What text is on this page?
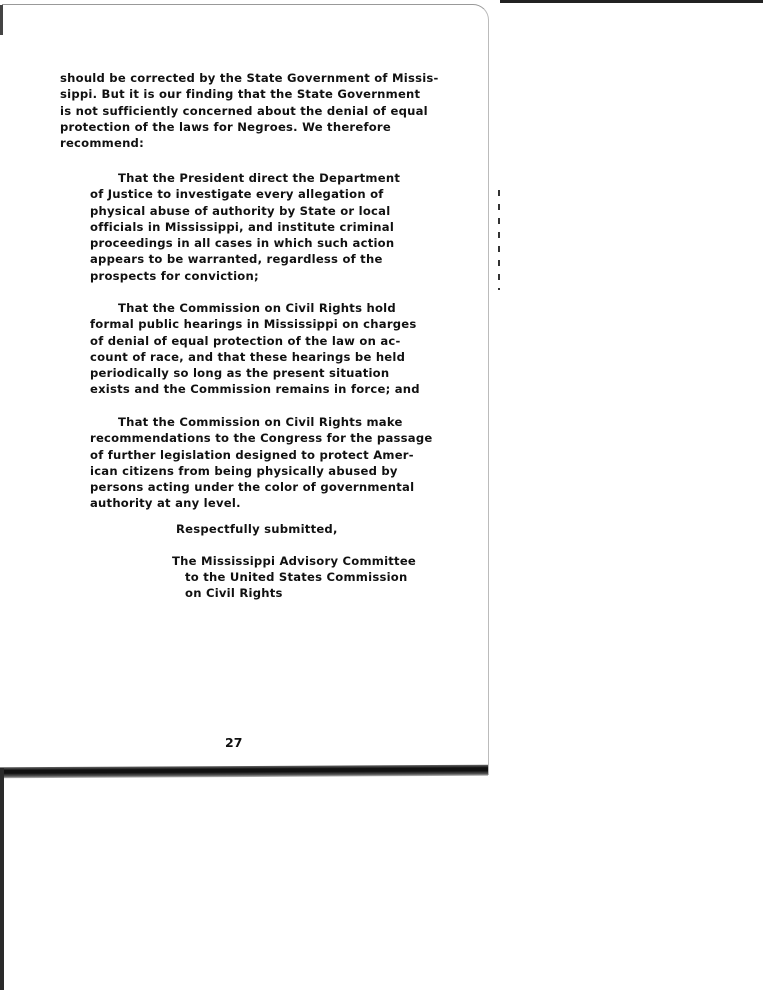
should be corrected by the State Government of Missis-
sippi. But it is our finding that the State Government
is not sufficiently concerned about the denial of equal
protection of the laws for Negroes. We therefore
recommend:
That the President direct the Department
of Justice to investigate every allegation of
physical abuse of authority by State or local
officials in Mississippi, and institute criminal
proceedings in all cases in which such action
appears to be warranted, regardless of the
prospects for conviction;
That the Commission on Civil Rights hold
formal public hearings in Mississippi on charges
of denial of equal protection of the law on ac-
count of race, and that these hearings be held
periodically so long as the present situation
exists and the Commission remains in force; and
That the Commission on Civil Rights make
recommendations to the Congress for the passage
of further legislation designed to protect Amer-
ican citizens from being physically abused by
persons acting under the color of governmental
authority at any level.
Respectfully submitted,
The Mississippi Advisory Committee
to the United States Commission
on Civil Rights
27
